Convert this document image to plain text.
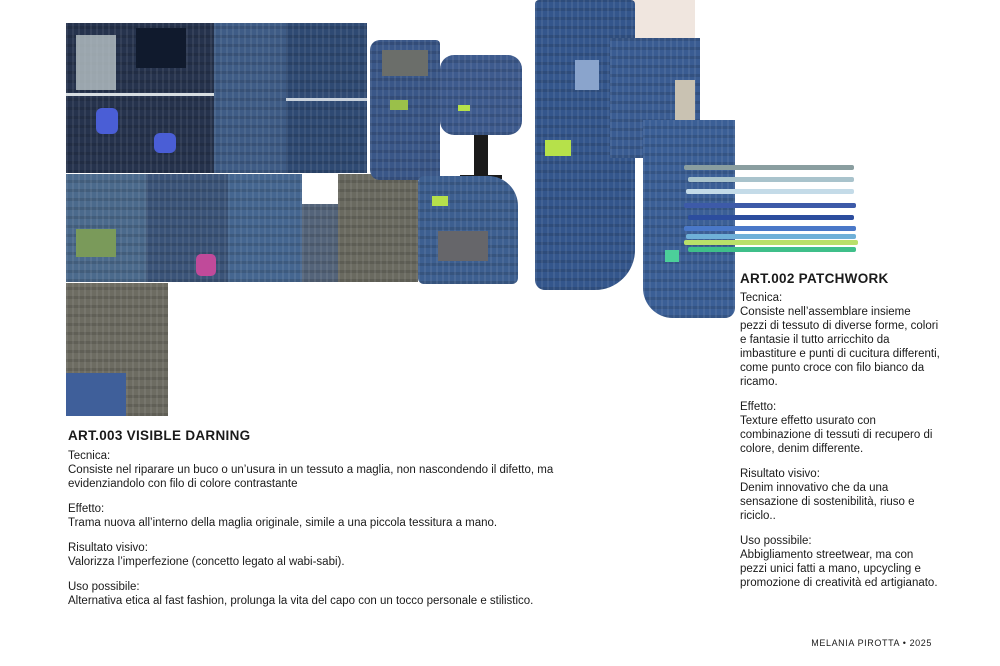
ART.003 VISIBLE DARNING

Tecnica:

Consiste nel riparare un buco o un’usura in un tessuto a maglia, non nascondendo il difetto, ma evidenziandolo con filo di colore contrastante

Effetto:

Trama nuova all’interno della maglia originale, simile a una piccola tessitura a mano.

Risultato visivo:

Valorizza l’imperfezione (concetto legato al wabi-sabi).

Uso possibile:

Alternativa etica al fast fashion, prolunga la vita del capo con un tocco personale e stilistico.

ART.002 PATCHWORK

Tecnica:

Consiste nell’assemblare insieme pezzi di tessuto di diverse forme, colori e fantasie il tutto arricchito da imbastiture e punti di cucitura differenti, come punto croce con filo bianco da ricamo.

Effetto:

Texture effetto usurato con combinazione di tessuti di recupero di colore, denim differente.

Risultato visivo:

Denim innovativo che da una sensazione di sostenibilità, riuso e riciclo..

Uso possibile:

Abbigliamento streetwear, ma con pezzi unici fatti a mano, upcycling e promozione di creatività ed artigianato.

MELANIA PIROTTA • 2025
